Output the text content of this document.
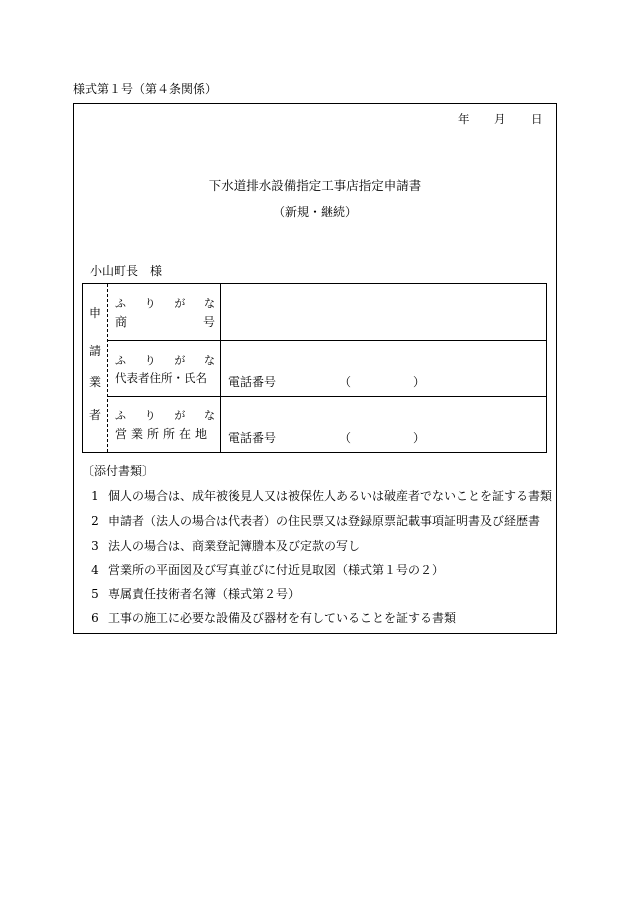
様式第１号（第４条関係）
年 月 日
下水道排水設備指定工事店指定申請書
（新規・継続）
小山町長　様
申
請
業
者
ふ り が な
商	号
ふ り が な
代表者住所・氏名	電話番号	（	）
ふ り が な
営業所所在地	電話番号	（	）
〔添付書類〕
1 個人の場合は、成年被後見人又は被保佐人あるいは破産者でないことを証する書類
2 申請者（法人の場合は代表者）の住民票又は登録原票記載事項証明書及び経歴書
3 法人の場合は、商業登記簿謄本及び定款の写し
4 営業所の平面図及び写真並びに付近見取図（様式第１号の２）
5 専属責任技術者名簿（様式第２号）
6 工事の施工に必要な設備及び器材を有していることを証する書類
